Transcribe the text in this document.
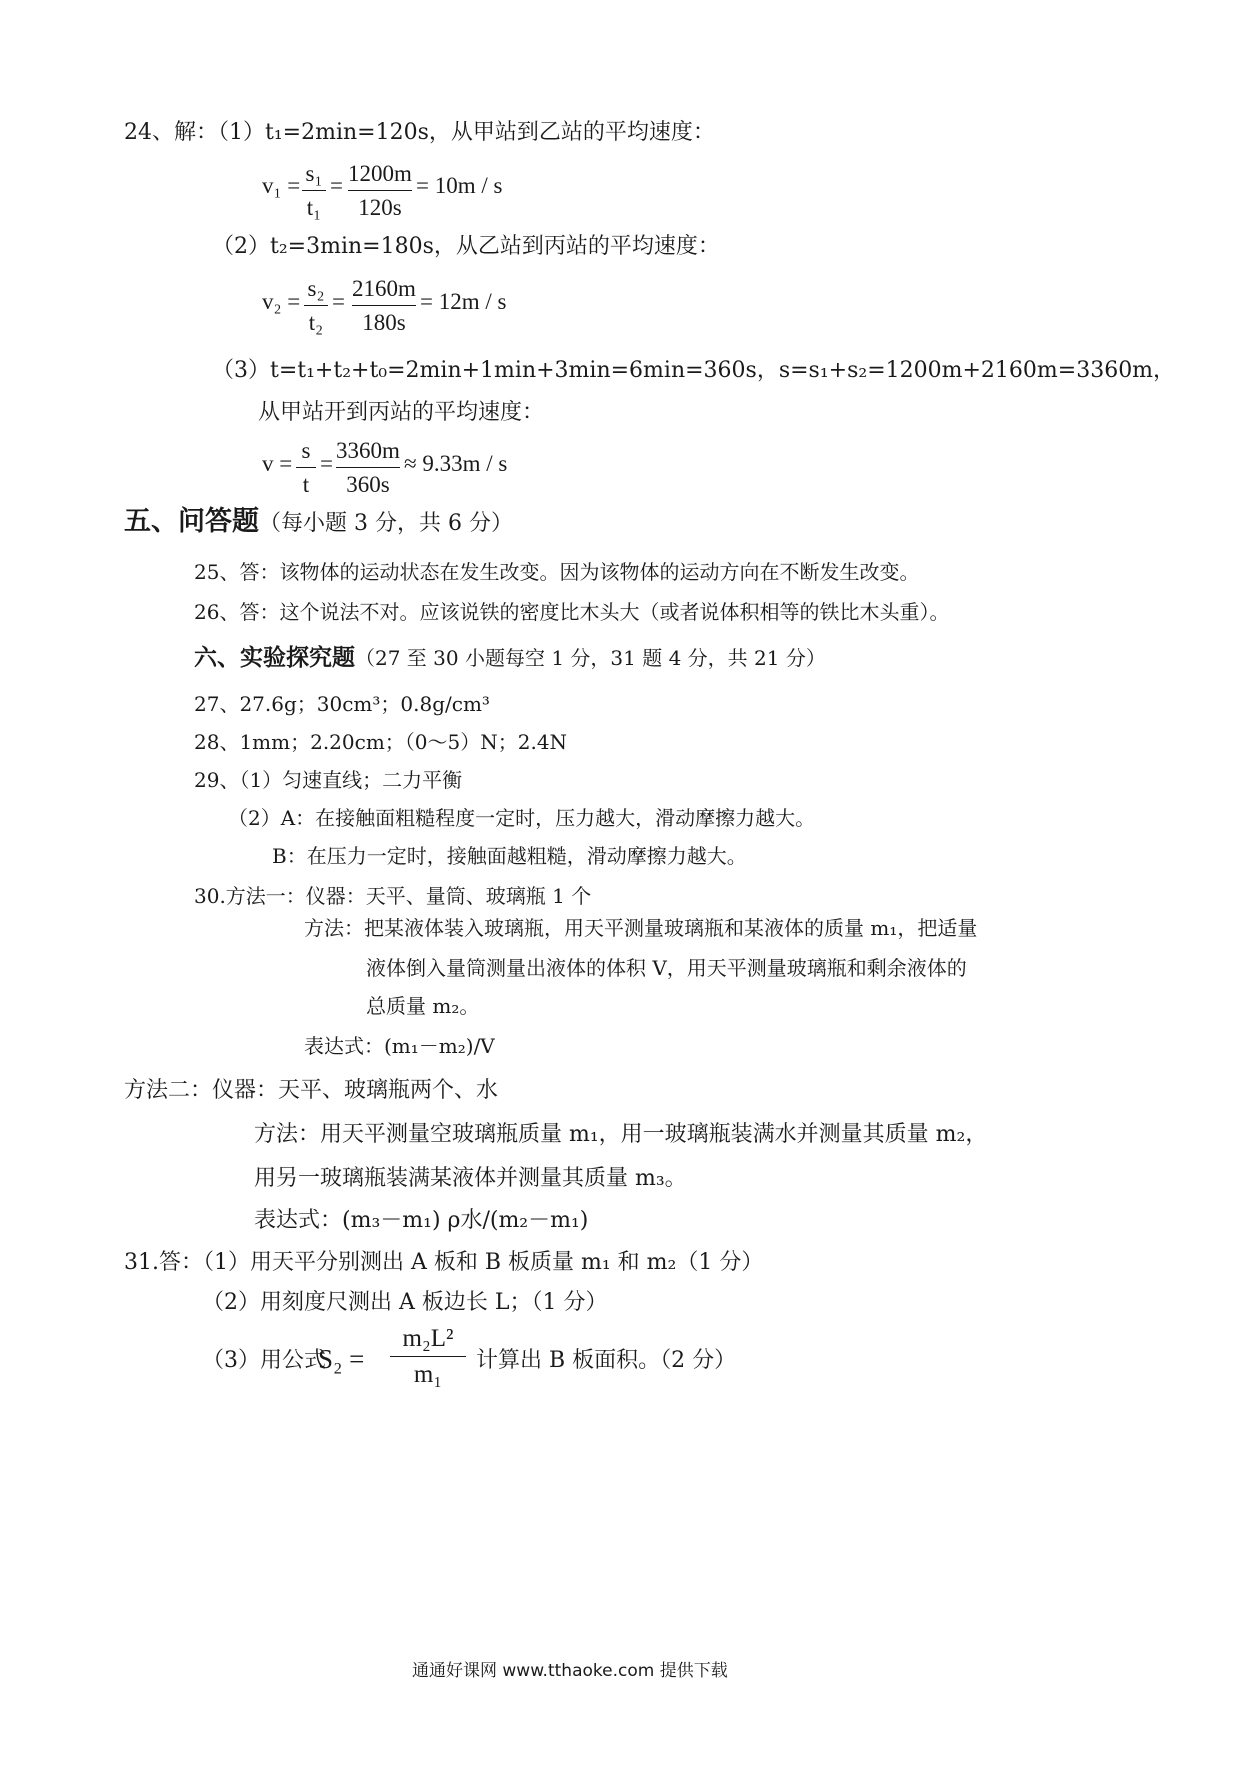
24、解：（1）t₁=2min=120s，从甲站到乙站的平均速度：
v₁ = s₁
t₁
= 1200m
120s
= 10m / s
（2）t₂=3min=180s，从乙站到丙站的平均速度：
v₂ =
s₂
t₂
=
2160m
180s
= 12m / s
（3）t=t₁+t₂+t₀=2min+1min+3min=6min=360s，s=s₁+s₂=1200m+2160m=3360m，
从甲站开到丙站的平均速度：
v =
s
t
=
3360m
360s
≈ 9.33m / s
五、问答题（每小题 3 分，共 6 分）
25、答：该物体的运动状态在发生改变。因为该物体的运动方向在不断发生改变。
26、答：这个说法不对。应该说铁的密度比木头大（或者说体积相等的铁比木头重）。
六、实验探究题（27 至 30 小题每空 1 分，31 题 4 分，共 21 分）
27、27.6g；30cm³；0.8g/cm³
28、1mm；2.20cm；（0～5）N；2.4N
29、（1）匀速直线；二力平衡
（2）A：在接触面粗糙程度一定时，压力越大，滑动摩擦力越大。
B：在压力一定时，接触面越粗糙，滑动摩擦力越大。
30.方法一：仪器：天平、量筒、玻璃瓶 1 个
方法：把某液体装入玻璃瓶，用天平测量玻璃瓶和某液体的质量 m₁，把适量
液体倒入量筒测量出液体的体积 V，用天平测量玻璃瓶和剩余液体的
总质量 m₂。
表达式：(m₁－m₂)/V
方法二：仪器：天平、玻璃瓶两个、水
方法：用天平测量空玻璃瓶质量 m₁，用一玻璃瓶装满水并测量其质量 m₂，
用另一玻璃瓶装满某液体并测量其质量 m₃。
表达式：(m₃－m₁) ρ水/(m₂－m₁)
31.答：（1）用天平分别测出 A 板和 B 板质量 m₁ 和 m₂（1 分）
（2）用刻度尺测出 A 板边长 L；（1 分）
（3）用公式
S₂ =
m₂L²
m₁
计算出 B 板面积。（2 分）
通通好课网 www.tthaoke.com 提供下载
